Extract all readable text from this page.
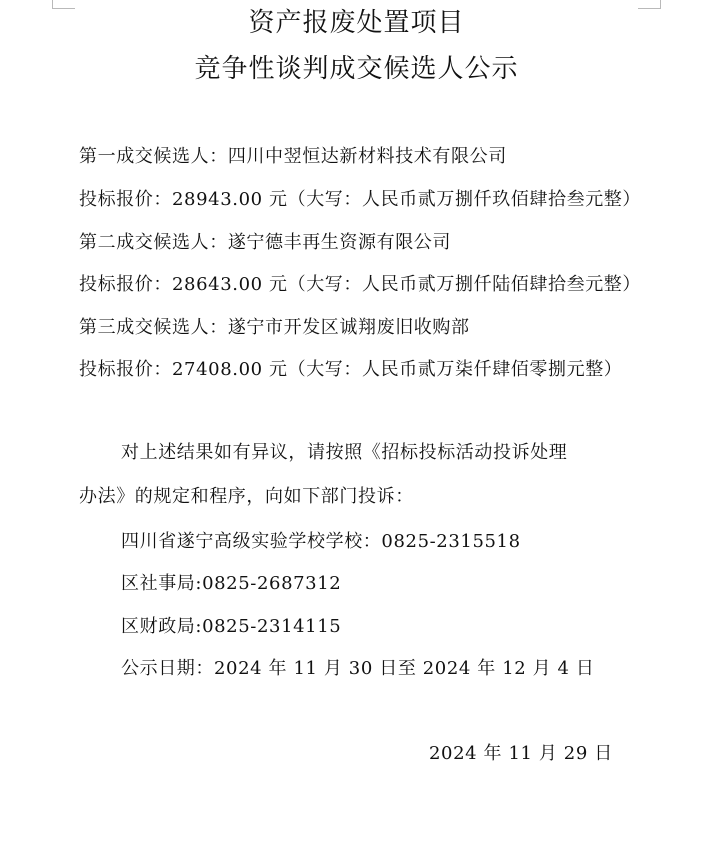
资产报废处置项目
竞争性谈判成交候选人公示
第一成交候选人：四川中翌恒达新材料技术有限公司
投标报价：28943.00 元（大写：人民币贰万捌仟玖佰肆拾叁元整）
第二成交候选人：遂宁德丰再生资源有限公司
投标报价：28643.00 元（大写：人民币贰万捌仟陆佰肆拾叁元整）
第三成交候选人：遂宁市开发区诚翔废旧收购部
投标报价：27408.00 元（大写：人民币贰万柒仟肆佰零捌元整）
对上述结果如有异议，请按照《招标投标活动投诉处理
办法》的规定和程序，向如下部门投诉：
四川省遂宁高级实验学校学校：0825-2315518
区社事局:0825-2687312
区财政局:0825-2314115
公示日期：2024 年 11 月 30 日至 2024 年 12 月 4 日
2024 年 11 月 29 日
